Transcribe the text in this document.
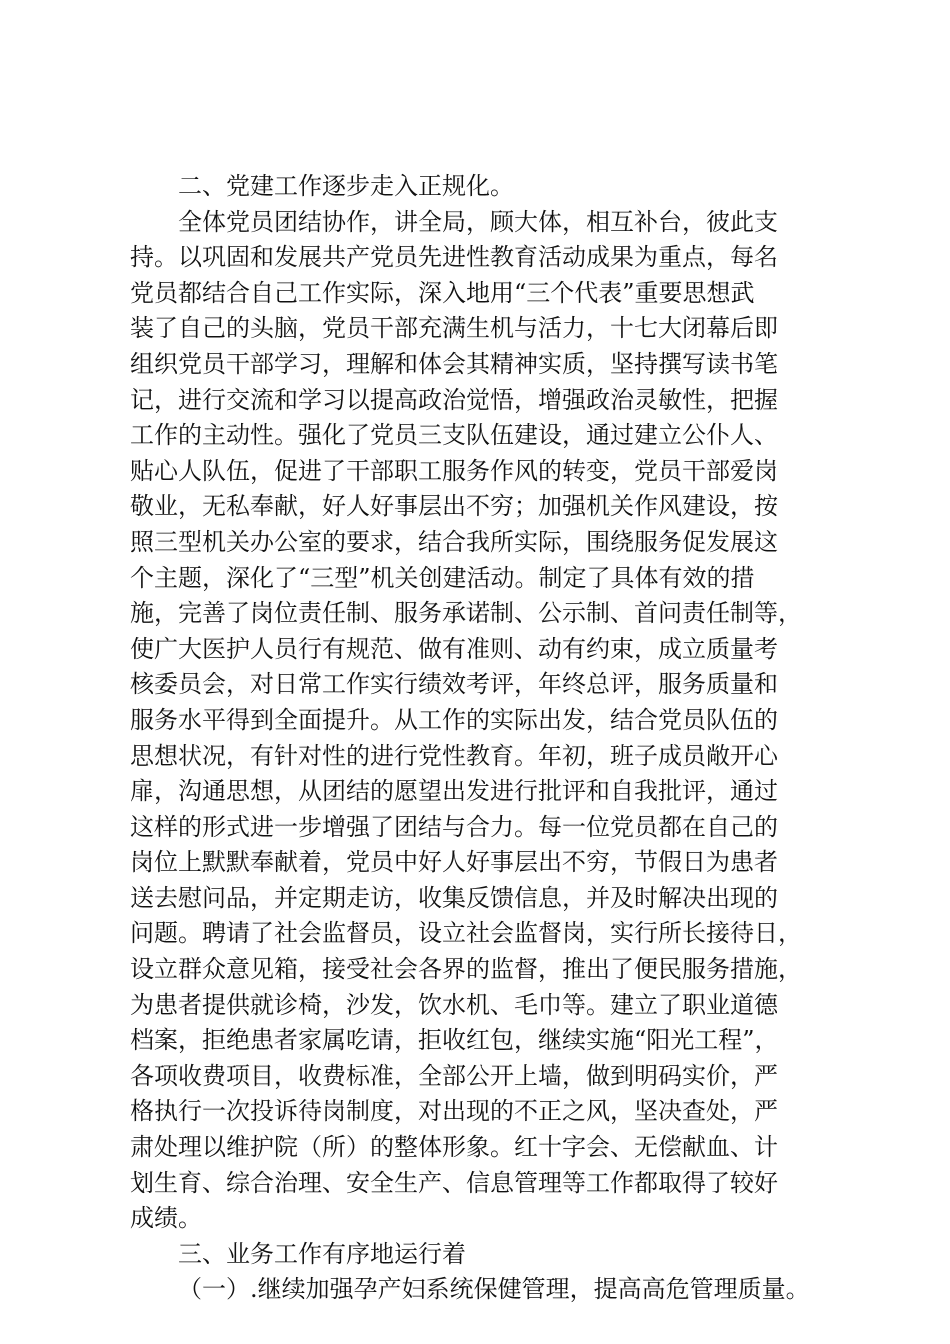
二、党建工作逐步走入正规化。
全体党员团结协作，讲全局，顾大体，相互补台，彼此支
持。以巩固和发展共产党员先进性教育活动成果为重点，每名
党员都结合自己工作实际，深入地用“三个代表”重要思想武
装了自己的头脑，党员干部充满生机与活力，十七大闭幕后即
组织党员干部学习，理解和体会其精神实质，坚持撰写读书笔
记，进行交流和学习以提高政治觉悟，增强政治灵敏性，把握
工作的主动性。强化了党员三支队伍建设，通过建立公仆人、
贴心人队伍，促进了干部职工服务作风的转变，党员干部爱岗
敬业，无私奉献，好人好事层出不穷；加强机关作风建设，按
照三型机关办公室的要求，结合我所实际，围绕服务促发展这
个主题，深化了“三型”机关创建活动。制定了具体有效的措
施，完善了岗位责任制、服务承诺制、公示制、首问责任制等，
使广大医护人员行有规范、做有准则、动有约束，成立质量考
核委员会，对日常工作实行绩效考评，年终总评，服务质量和
服务水平得到全面提升。从工作的实际出发，结合党员队伍的
思想状况，有针对性的进行党性教育。年初，班子成员敞开心
扉，沟通思想，从团结的愿望出发进行批评和自我批评，通过
这样的形式进一步增强了团结与合力。每一位党员都在自己的
岗位上默默奉献着，党员中好人好事层出不穷，节假日为患者
送去慰问品，并定期走访，收集反馈信息，并及时解决出现的
问题。聘请了社会监督员，设立社会监督岗，实行所长接待日，
设立群众意见箱，接受社会各界的监督，推出了便民服务措施，
为患者提供就诊椅，沙发，饮水机、毛巾等。建立了职业道德
档案，拒绝患者家属吃请，拒收红包，继续实施“阳光工程”，
各项收费项目，收费标准，全部公开上墙，做到明码实价，严
格执行一次投诉待岗制度，对出现的不正之风，坚决查处，严
肃处理以维护院（所）的整体形象。红十字会、无偿献血、计
划生育、综合治理、安全生产、信息管理等工作都取得了较好
成绩。
三、业务工作有序地运行着
（一）.继续加强孕产妇系统保健管理，提高高危管理质量。
